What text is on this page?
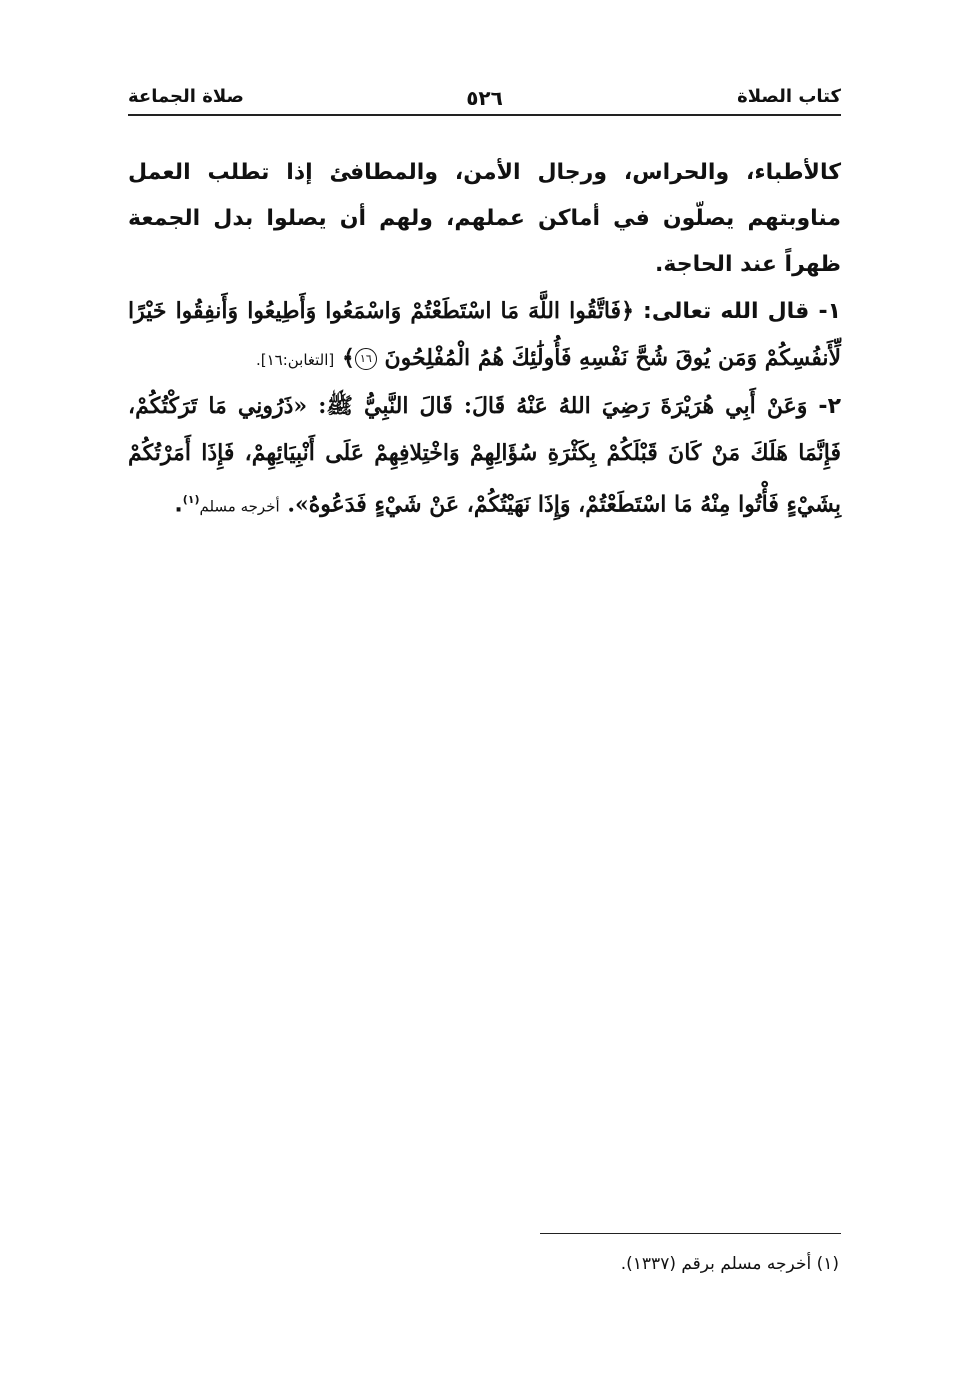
كتاب الصلاة
٥٢٦
صلاة الجماعة

كالأطباء، والحراس، ورجال الأمن، والمطافئ إذا تطلب العمل مناوبتهم يصلّون في أماكن عملهم، ولهم أن يصلوا بدل الجمعة ظهراً عند الحاجة.

١- قال الله تعالى: ﴿فَاتَّقُوا اللَّهَ مَا اسْتَطَعْتُمْ وَاسْمَعُوا وَأَطِيعُوا وَأَنفِقُوا خَيْرًا لِّأَنفُسِكُمْ وَمَن يُوقَ شُحَّ نَفْسِهِ فَأُولَٰئِكَ هُمُ الْمُفْلِحُونَ ١٦﴾ [التغابن:١٦].

٢- وَعَنْ أَبِي هُرَيْرَةَ رَضِيَ اللهُ عَنْهُ قَالَ: قَالَ النَّبِيُّ ﷺ: «ذَرُونِي مَا تَرَكْتُكُمْ، فَإِنَّمَا هَلَكَ مَنْ كَانَ قَبْلَكُمْ بِكَثْرَةِ سُؤَالِهِمْ وَاخْتِلافِهِمْ عَلَى أَنْبِيَائِهِمْ، فَإِذَا أَمَرْتُكُمْ بِشَيْءٍ فَأْتُوا مِنْهُ مَا اسْتَطَعْتُمْ، وَإِذَا نَهَيْتُكُمْ، عَنْ شَيْءٍ فَدَعُوهُ». أخرجه مسلم$^{(١)}$.

(١) أخرجه مسلم برقم (١٣٣٧).
